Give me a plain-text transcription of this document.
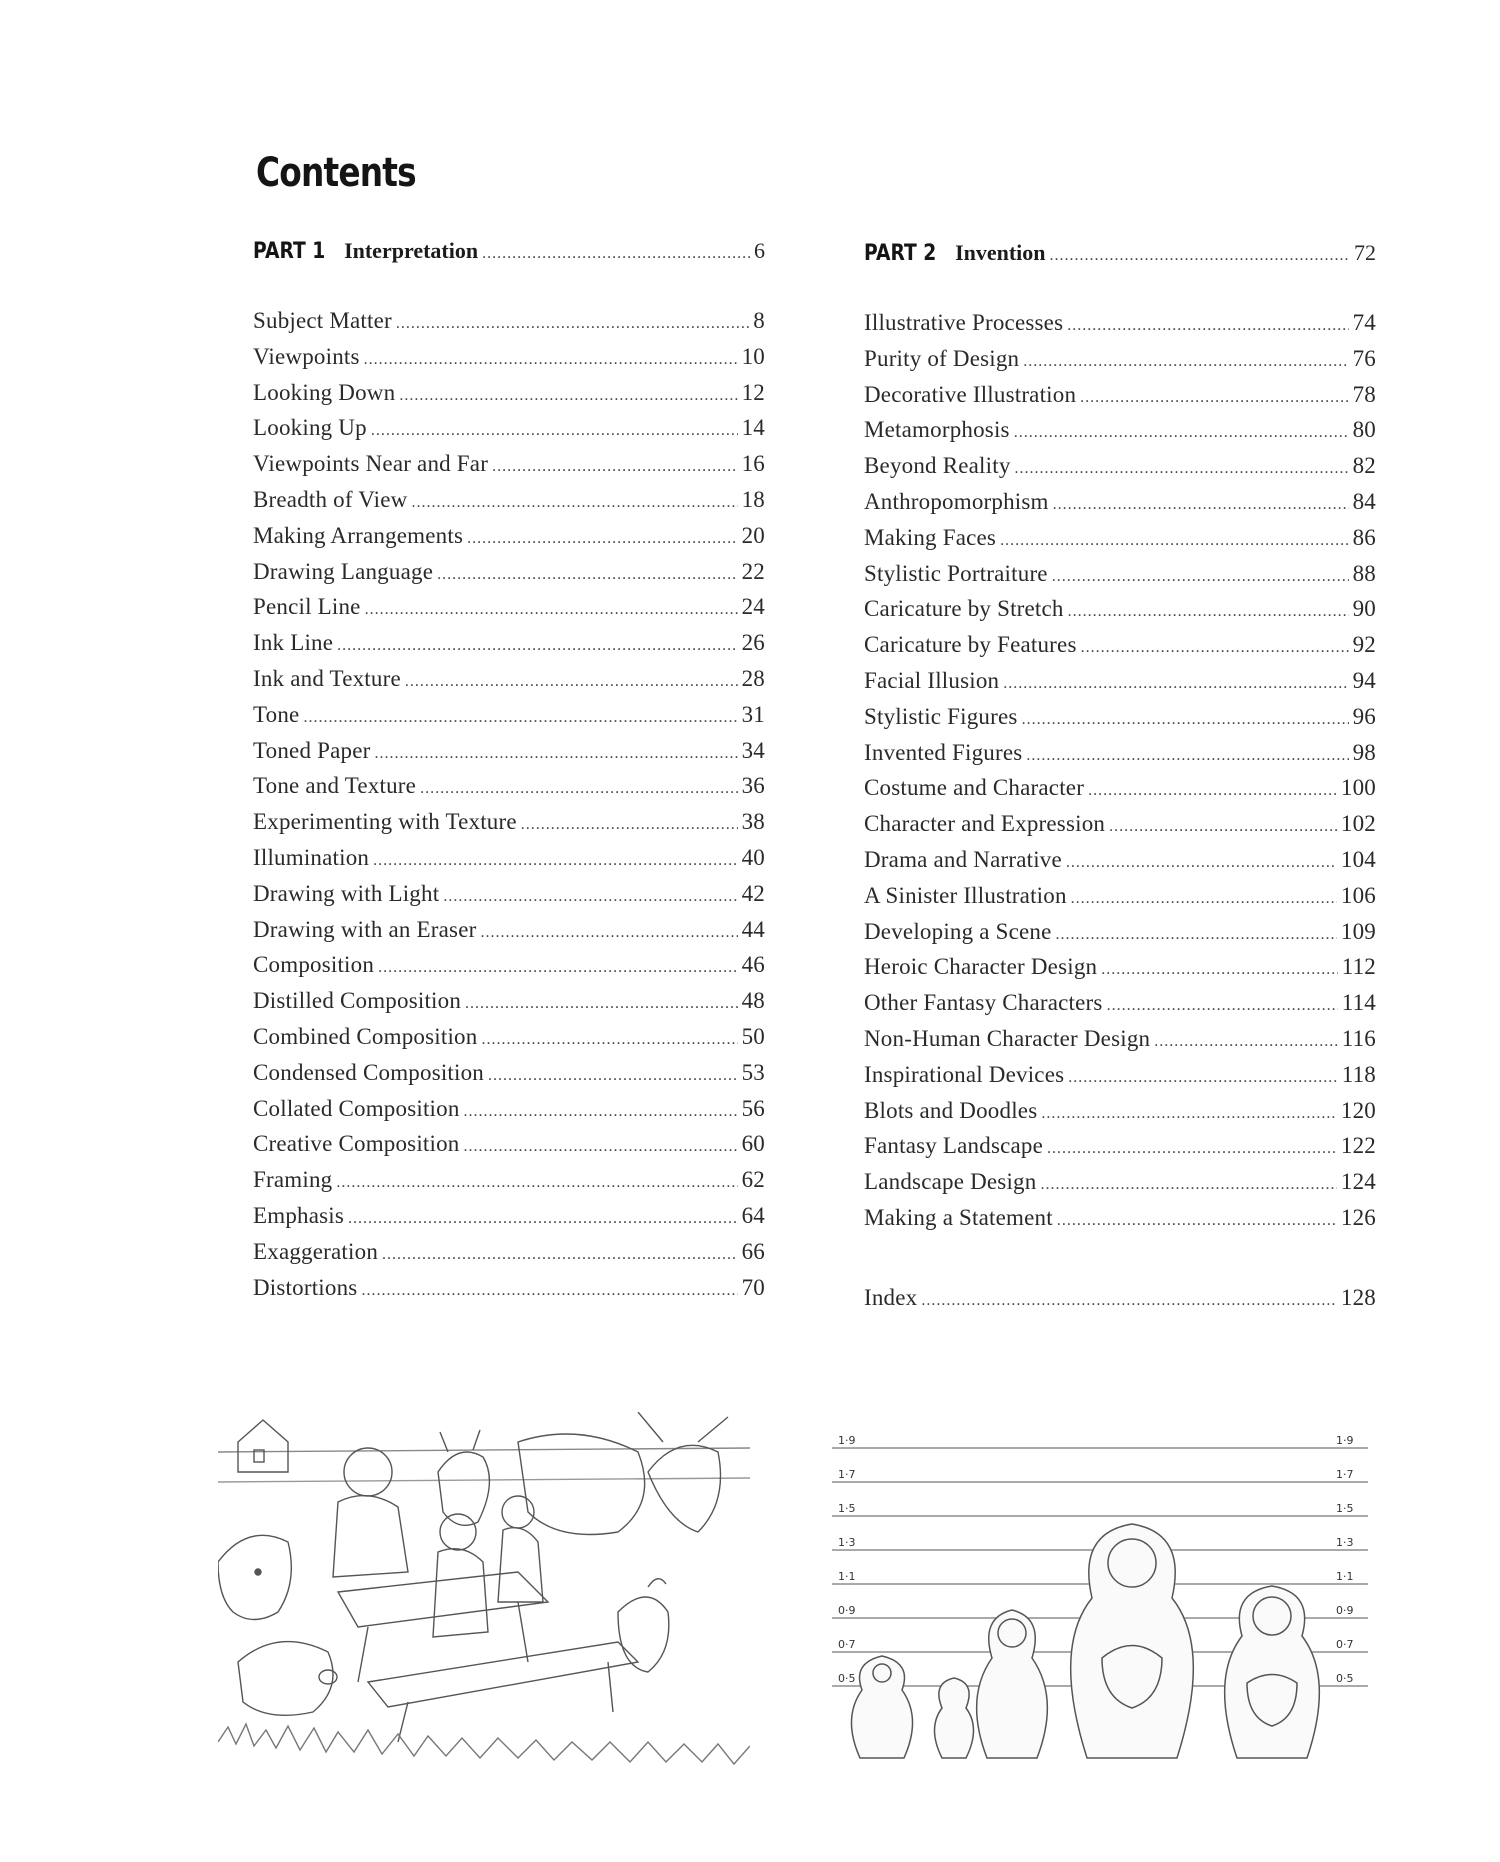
Contents
PART 1 Interpretation .....	6
Subject Matter .....	8
Viewpoints .....	10
Looking Down .....	12
Looking Up .....	14
Viewpoints Near and Far .....	16
Breadth of View .....	18
Making Arrangements .....	20
Drawing Language .....	22
Pencil Line .....	24
Ink Line .....	26
Ink and Texture .....	28
Tone .....	31
Toned Paper .....	34
Tone and Texture .....	36
Experimenting with Texture .....	38
Illumination .....	40
Drawing with Light .....	42
Drawing with an Eraser .....	44
Composition .....	46
Distilled Composition .....	48
Combined Composition .....	50
Condensed Composition .....	53
Collated Composition .....	56
Creative Composition .....	60
Framing .....	62
Emphasis .....	64
Exaggeration .....	66
Distortions .....	70
PART 2 Invention .....	72
Illustrative Processes .....	74
Purity of Design .....	76
Decorative Illustration .....	78
Metamorphosis .....	80
Beyond Reality .....	82
Anthropomorphism .....	84
Making Faces .....	86
Stylistic Portraiture .....	88
Caricature by Stretch .....	90
Caricature by Features .....	92
Facial Illusion .....	94
Stylistic Figures .....	96
Invented Figures .....	98
Costume and Character .....	100
Character and Expression .....	102
Drama and Narrative .....	104
A Sinister Illustration .....	106
Developing a Scene .....	109
Heroic Character Design .....	112
Other Fantasy Characters .....	114
Non-Human Character Design .....	116
Inspirational Devices .....	118
Blots and Doodles .....	120
Fantasy Landscape .....	122
Landscape Design .....	124
Making a Statement .....	126
Index .....	128
1·9	1·9
1·7	1·7
1·5	1·5
1·3	1·3
1·1	1·1
0·9	0·9
0·7	0·7
0·5	0·5
